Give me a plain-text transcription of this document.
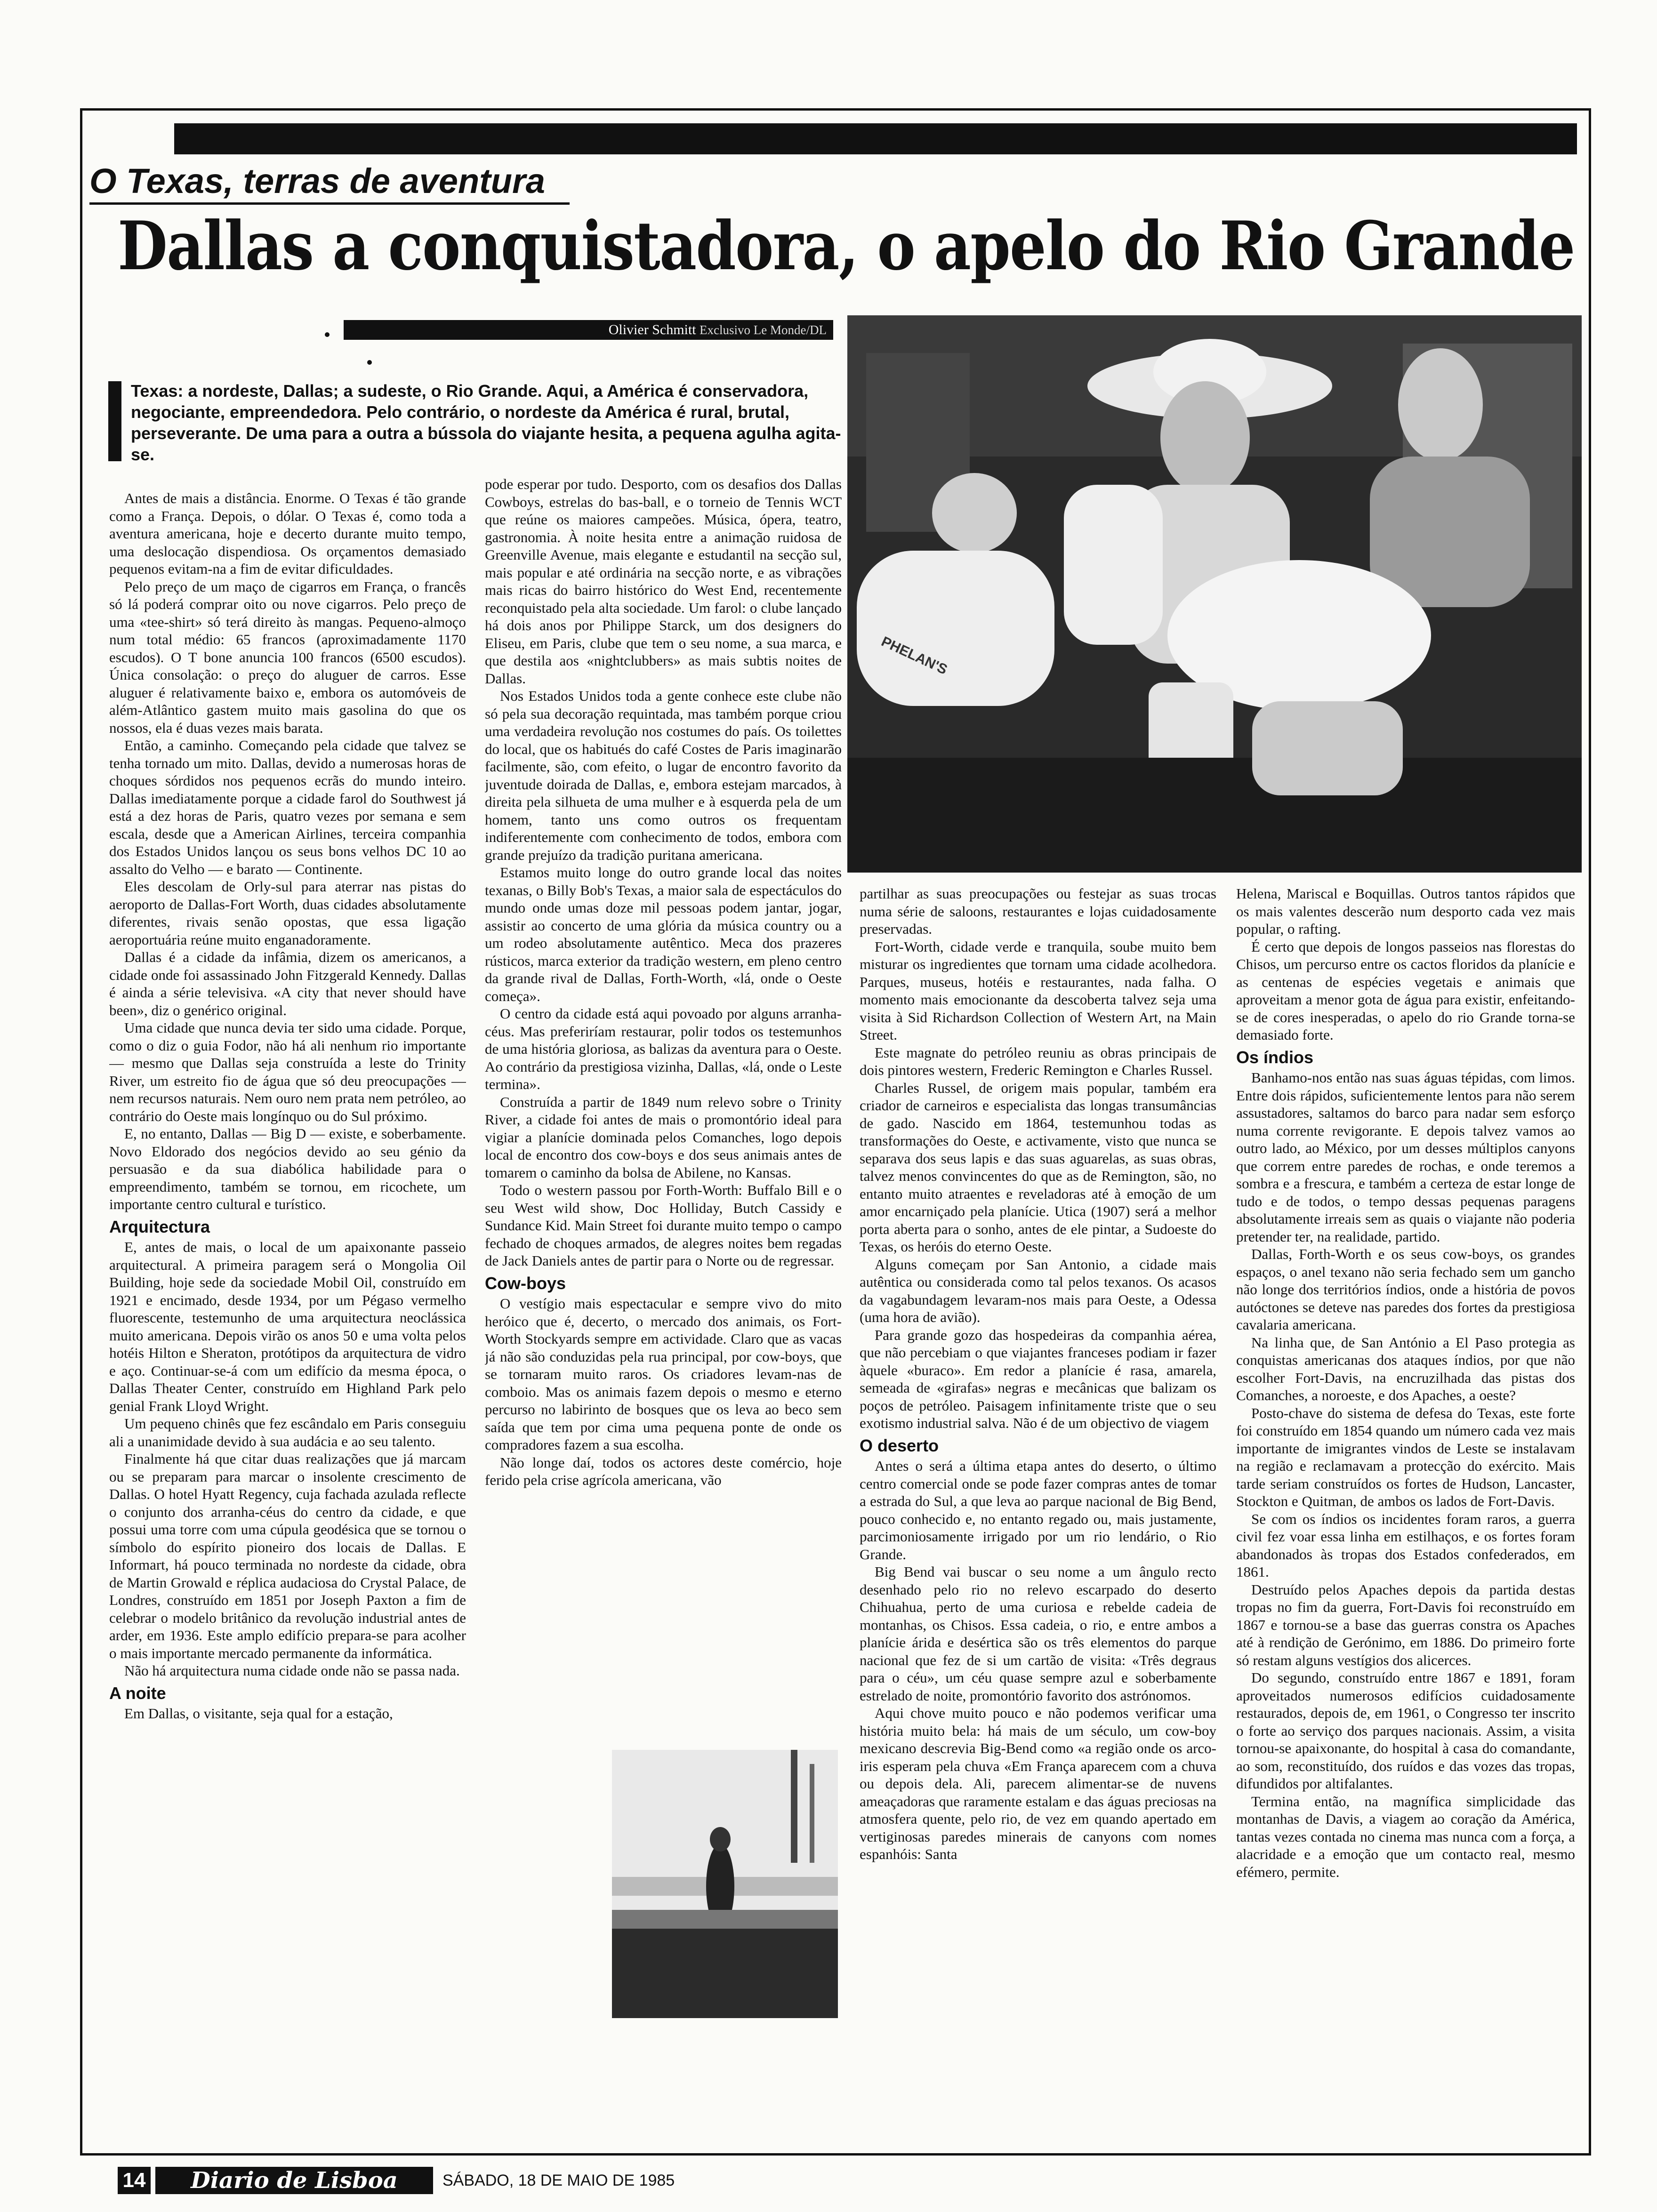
O Texas, terras de aventura
Dallas a conquistadora, o apelo do Rio Grande
Olivier Schmitt Exclusivo Le Monde/DL
Texas: a nordeste, Dallas; a sudeste, o Rio Grande. Aqui, a América é conservadora, negociante, empreendedora. Pelo contrário, o nordeste da América é rural, brutal, perseverante. De uma para a outra a bússola do viajante hesita, a pequena agulha agita-se.
PHELAN'S

Antes de mais a distância. Enorme. O Texas é tão grande como a França. Depois, o dólar. O Texas é, como toda a aventura americana, hoje e decerto durante muito tempo, uma deslocação dispendiosa. Os orçamentos demasiado pequenos evitam-na a fim de evitar dificuldades.

Pelo preço de um maço de cigarros em França, o francês só lá poderá comprar oito ou nove cigarros. Pelo preço de uma «tee-shirt» só terá direito às mangas. Pequeno-almoço num total médio: 65 francos (aproximadamente 1170 escudos). O T bone anuncia 100 francos (6500 escudos). Única consolação: o preço do aluguer de carros. Esse aluguer é relativamente baixo e, embora os automóveis de além-Atlântico gastem muito mais gasolina do que os nossos, ela é duas vezes mais barata.

Então, a caminho. Começando pela cidade que talvez se tenha tornado um mito. Dallas, devido a numerosas horas de choques sórdidos nos pequenos ecrãs do mundo inteiro. Dallas imediatamente porque a cidade farol do Southwest já está a dez horas de Paris, quatro vezes por semana e sem escala, desde que a American Airlines, terceira companhia dos Estados Unidos lançou os seus bons velhos DC 10 ao assalto do Velho — e barato — Continente.

Eles descolam de Orly-sul para aterrar nas pistas do aeroporto de Dallas-Fort Worth, duas cidades absolutamente diferentes, rivais senão opostas, que essa ligação aeroportuária reúne muito enganadoramente.

Dallas é a cidade da infâmia, dizem os americanos, a cidade onde foi assassinado John Fitzgerald Kennedy. Dallas é ainda a série televisiva. «A city that never should have been», diz o genérico original.

Uma cidade que nunca devia ter sido uma cidade. Porque, como o diz o guia Fodor, não há ali nenhum rio importante — mesmo que Dallas seja construída a leste do Trinity River, um estreito fio de água que só deu preocupações — nem recursos naturais. Nem ouro nem prata nem petróleo, ao contrário do Oeste mais longínquo ou do Sul próximo.

E, no entanto, Dallas — Big D — existe, e soberbamente. Novo Eldorado dos negócios devido ao seu génio da persuasão e da sua diabólica habilidade para o empreendimento, também se tornou, em ricochete, um importante centro cultural e turístico.

Arquitectura

E, antes de mais, o local de um apaixonante passeio arquitectural. A primeira paragem será o Mongolia Oil Building, hoje sede da sociedade Mobil Oil, construído em 1921 e encimado, desde 1934, por um Pégaso vermelho fluorescente, testemunho de uma arquitectura neoclássica muito americana. Depois virão os anos 50 e uma volta pelos hotéis Hilton e Sheraton, protótipos da arquitectura de vidro e aço. Continuar-se-á com um edifício da mesma época, o Dallas Theater Center, construído em Highland Park pelo genial Frank Lloyd Wright.

Um pequeno chinês que fez escândalo em Paris conseguiu ali a unanimidade devido à sua audácia e ao seu talento.

Finalmente há que citar duas realizações que já marcam ou se preparam para marcar o insolente crescimento de Dallas. O hotel Hyatt Regency, cuja fachada azulada reflecte o conjunto dos arranha-céus do centro da cidade, e que possui uma torre com uma cúpula geodésica que se tornou o símbolo do espírito pioneiro dos locais de Dallas. E Informart, há pouco terminada no nordeste da cidade, obra de Martin Growald e réplica audaciosa do Crystal Palace, de Londres, construído em 1851 por Joseph Paxton a fim de celebrar o modelo britânico da revolução industrial antes de arder, em 1936. Este amplo edifício prepara-se para acolher o mais importante mercado permanente da informática.

Não há arquitectura numa cidade onde não se passa nada.

A noite

Em Dallas, o visitante, seja qual for a estação,

pode esperar por tudo. Desporto, com os desafios dos Dallas Cowboys, estrelas do bas-ball, e o torneio de Tennis WCT que reúne os maiores campeões. Música, ópera, teatro, gastronomia. À noite hesita entre a animação ruidosa de Greenville Avenue, mais elegante e estudantil na secção sul, mais popular e até ordinária na secção norte, e as vibrações mais ricas do bairro histórico do West End, recentemente reconquistado pela alta sociedade. Um farol: o clube lançado há dois anos por Philippe Starck, um dos designers do Eliseu, em Paris, clube que tem o seu nome, a sua marca, e que destila aos «nightclubbers» as mais subtis noites de Dallas.

Nos Estados Unidos toda a gente conhece este clube não só pela sua decoração requintada, mas também porque criou uma verdadeira revolução nos costumes do país. Os toilettes do local, que os habitués do café Costes de Paris imaginarão facilmente, são, com efeito, o lugar de encontro favorito da juventude doirada de Dallas, e, embora estejam marcados, à direita pela silhueta de uma mulher e à esquerda pela de um homem, tanto uns como outros os frequentam indiferentemente com conhecimento de todos, embora com grande prejuízo da tradição puritana americana.

Estamos muito longe do outro grande local das noites texanas, o Billy Bob's Texas, a maior sala de espectáculos do mundo onde umas doze mil pessoas podem jantar, jogar, assistir ao concerto de uma glória da música country ou a um rodeo absolutamente autêntico. Meca dos prazeres rústicos, marca exterior da tradição western, em pleno centro da grande rival de Dallas, Forth-Worth, «lá, onde o Oeste começa».

O centro da cidade está aqui povoado por alguns arranha-céus. Mas preferiríam restaurar, polir todos os testemunhos de uma história gloriosa, as balizas da aventura para o Oeste. Ao contrário da prestigiosa vizinha, Dallas, «lá, onde o Leste termina».

Construída a partir de 1849 num relevo sobre o Trinity River, a cidade foi antes de mais o promontório ideal para vigiar a planície dominada pelos Comanches, logo depois local de encontro dos cow-boys e dos seus animais antes de tomarem o caminho da bolsa de Abilene, no Kansas.

Todo o western passou por Forth-Worth: Buffalo Bill e o seu West wild show, Doc Holliday, Butch Cassidy e Sundance Kid. Main Street foi durante muito tempo o campo fechado de choques armados, de alegres noites bem regadas de Jack Daniels antes de partir para o Norte ou de regressar.

Cow-boys

O vestígio mais espectacular e sempre vivo do mito heróico que é, decerto, o mercado dos animais, os Fort-Worth Stockyards sempre em actividade. Claro que as vacas já não são conduzidas pela rua principal, por cow-boys, que se tornaram muito raros. Os criadores levam-nas de comboio. Mas os animais fazem depois o mesmo e eterno percurso no labirinto de bosques que os leva ao beco sem saída que tem por cima uma pequena ponte de onde os compradores fazem a sua escolha.

Não longe daí, todos os actores deste comércio, hoje ferido pela crise agrícola americana, vão

partilhar as suas preocupações ou festejar as suas trocas numa série de saloons, restaurantes e lojas cuidadosamente preservadas.

Fort-Worth, cidade verde e tranquila, soube muito bem misturar os ingredientes que tornam uma cidade acolhedora. Parques, museus, hotéis e restaurantes, nada falha. O momento mais emocionante da descoberta talvez seja uma visita à Sid Richardson Collection of Western Art, na Main Street.

Este magnate do petróleo reuniu as obras principais de dois pintores western, Frederic Remington e Charles Russel.

Charles Russel, de origem mais popular, também era criador de carneiros e especialista das longas transumâncias de gado. Nascido em 1864, testemunhou todas as transformações do Oeste, e activamente, visto que nunca se separava dos seus lapis e das suas aguarelas, as suas obras, talvez menos convincentes do que as de Remington, são, no entanto muito atraentes e reveladoras até à emoção de um amor encarniçado pela planície. Utica (1907) será a melhor porta aberta para o sonho, antes de ele pintar, a Sudoeste do Texas, os heróis do eterno Oeste.

Alguns começam por San Antonio, a cidade mais autêntica ou considerada como tal pelos texanos. Os acasos da vagabundagem levaram-nos mais para Oeste, a Odessa (uma hora de avião).

Para grande gozo das hospedeiras da companhia aérea, que não percebiam o que viajantes franceses podiam ir fazer àquele «buraco». Em redor a planície é rasa, amarela, semeada de «girafas» negras e mecânicas que balizam os poços de petróleo. Paisagem infinitamente triste que o seu exotismo industrial salva. Não é de um objectivo de viagem

O deserto

Antes o será a última etapa antes do deserto, o último centro comercial onde se pode fazer compras antes de tomar a estrada do Sul, a que leva ao parque nacional de Big Bend, pouco conhecido e, no entanto regado ou, mais justamente, parcimoniosamente irrigado por um rio lendário, o Rio Grande.

Big Bend vai buscar o seu nome a um ângulo recto desenhado pelo rio no relevo escarpado do deserto Chihuahua, perto de uma curiosa e rebelde cadeia de montanhas, os Chisos. Essa cadeia, o rio, e entre ambos a planície árida e desértica são os três elementos do parque nacional que fez de si um cartão de visita: «Três degraus para o céu», um céu quase sempre azul e soberbamente estrelado de noite, promontório favorito dos astrónomos.

Aqui chove muito pouco e não podemos verificar uma história muito bela: há mais de um século, um cow-boy mexicano descrevia Big-Bend como «a região onde os arco-iris esperam pela chuva «Em França aparecem com a chuva ou depois dela. Ali, parecem alimentar-se de nuvens ameaçadoras que raramente estalam e das águas preciosas na atmosfera quente, pelo rio, de vez em quando apertado em vertiginosas paredes minerais de canyons com nomes espanhóis: Santa

Helena, Mariscal e Boquillas. Outros tantos rápidos que os mais valentes descerão num desporto cada vez mais popular, o rafting.

É certo que depois de longos passeios nas florestas do Chisos, um percurso entre os cactos floridos da planície e as centenas de espécies vegetais e animais que aproveitam a menor gota de água para existir, enfeitando-se de cores inesperadas, o apelo do rio Grande torna-se demasiado forte.

Os índios

Banhamo-nos então nas suas águas tépidas, com limos. Entre dois rápidos, suficientemente lentos para não serem assustadores, saltamos do barco para nadar sem esforço numa corrente revigorante. E depois talvez vamos ao outro lado, ao México, por um desses múltiplos canyons que correm entre paredes de rochas, e onde teremos a sombra e a frescura, e também a certeza de estar longe de tudo e de todos, o tempo dessas pequenas paragens absolutamente irreais sem as quais o viajante não poderia pretender ter, na realidade, partido.

Dallas, Forth-Worth e os seus cow-boys, os grandes espaços, o anel texano não seria fechado sem um gancho não longe dos territórios índios, onde a história de povos autóctones se deteve nas paredes dos fortes da prestigiosa cavalaria americana.

Na linha que, de San António a El Paso protegia as conquistas americanas dos ataques índios, por que não escolher Fort-Davis, na encruzilhada das pistas dos Comanches, a noroeste, e dos Apaches, a oeste?

Posto-chave do sistema de defesa do Texas, este forte foi construído em 1854 quando um número cada vez mais importante de imigrantes vindos de Leste se instalavam na região e reclamavam a protecção do exército. Mais tarde seriam construídos os fortes de Hudson, Lancaster, Stockton e Quitman, de ambos os lados de Fort-Davis.

Se com os índios os incidentes foram raros, a guerra civil fez voar essa linha em estilhaços, e os fortes foram abandonados às tropas dos Estados confederados, em 1861.

Destruído pelos Apaches depois da partida destas tropas no fim da guerra, Fort-Davis foi reconstruído em 1867 e tornou-se a base das guerras constra os Apaches até à rendição de Gerónimo, em 1886. Do primeiro forte só restam alguns vestígios dos alicerces.

Do segundo, construído entre 1867 e 1891, foram aproveitados numerosos edifícios cuidadosamente restaurados, depois de, em 1961, o Congresso ter inscrito o forte ao serviço dos parques nacionais. Assim, a visita tornou-se apaixonante, do hospital à casa do comandante, ao som, reconstituído, dos ruídos e das vozes das tropas, difundidos por altifalantes.

Termina então, na magnífica simplicidade das montanhas de Davis, a viagem ao coração da América, tantas vezes contada no cinema mas nunca com a força, a alacridade e a emoção que um contacto real, mesmo efémero, permite.

14	Diario de Lisboa	SÁBADO, 18 DE MAIO DE 1985
